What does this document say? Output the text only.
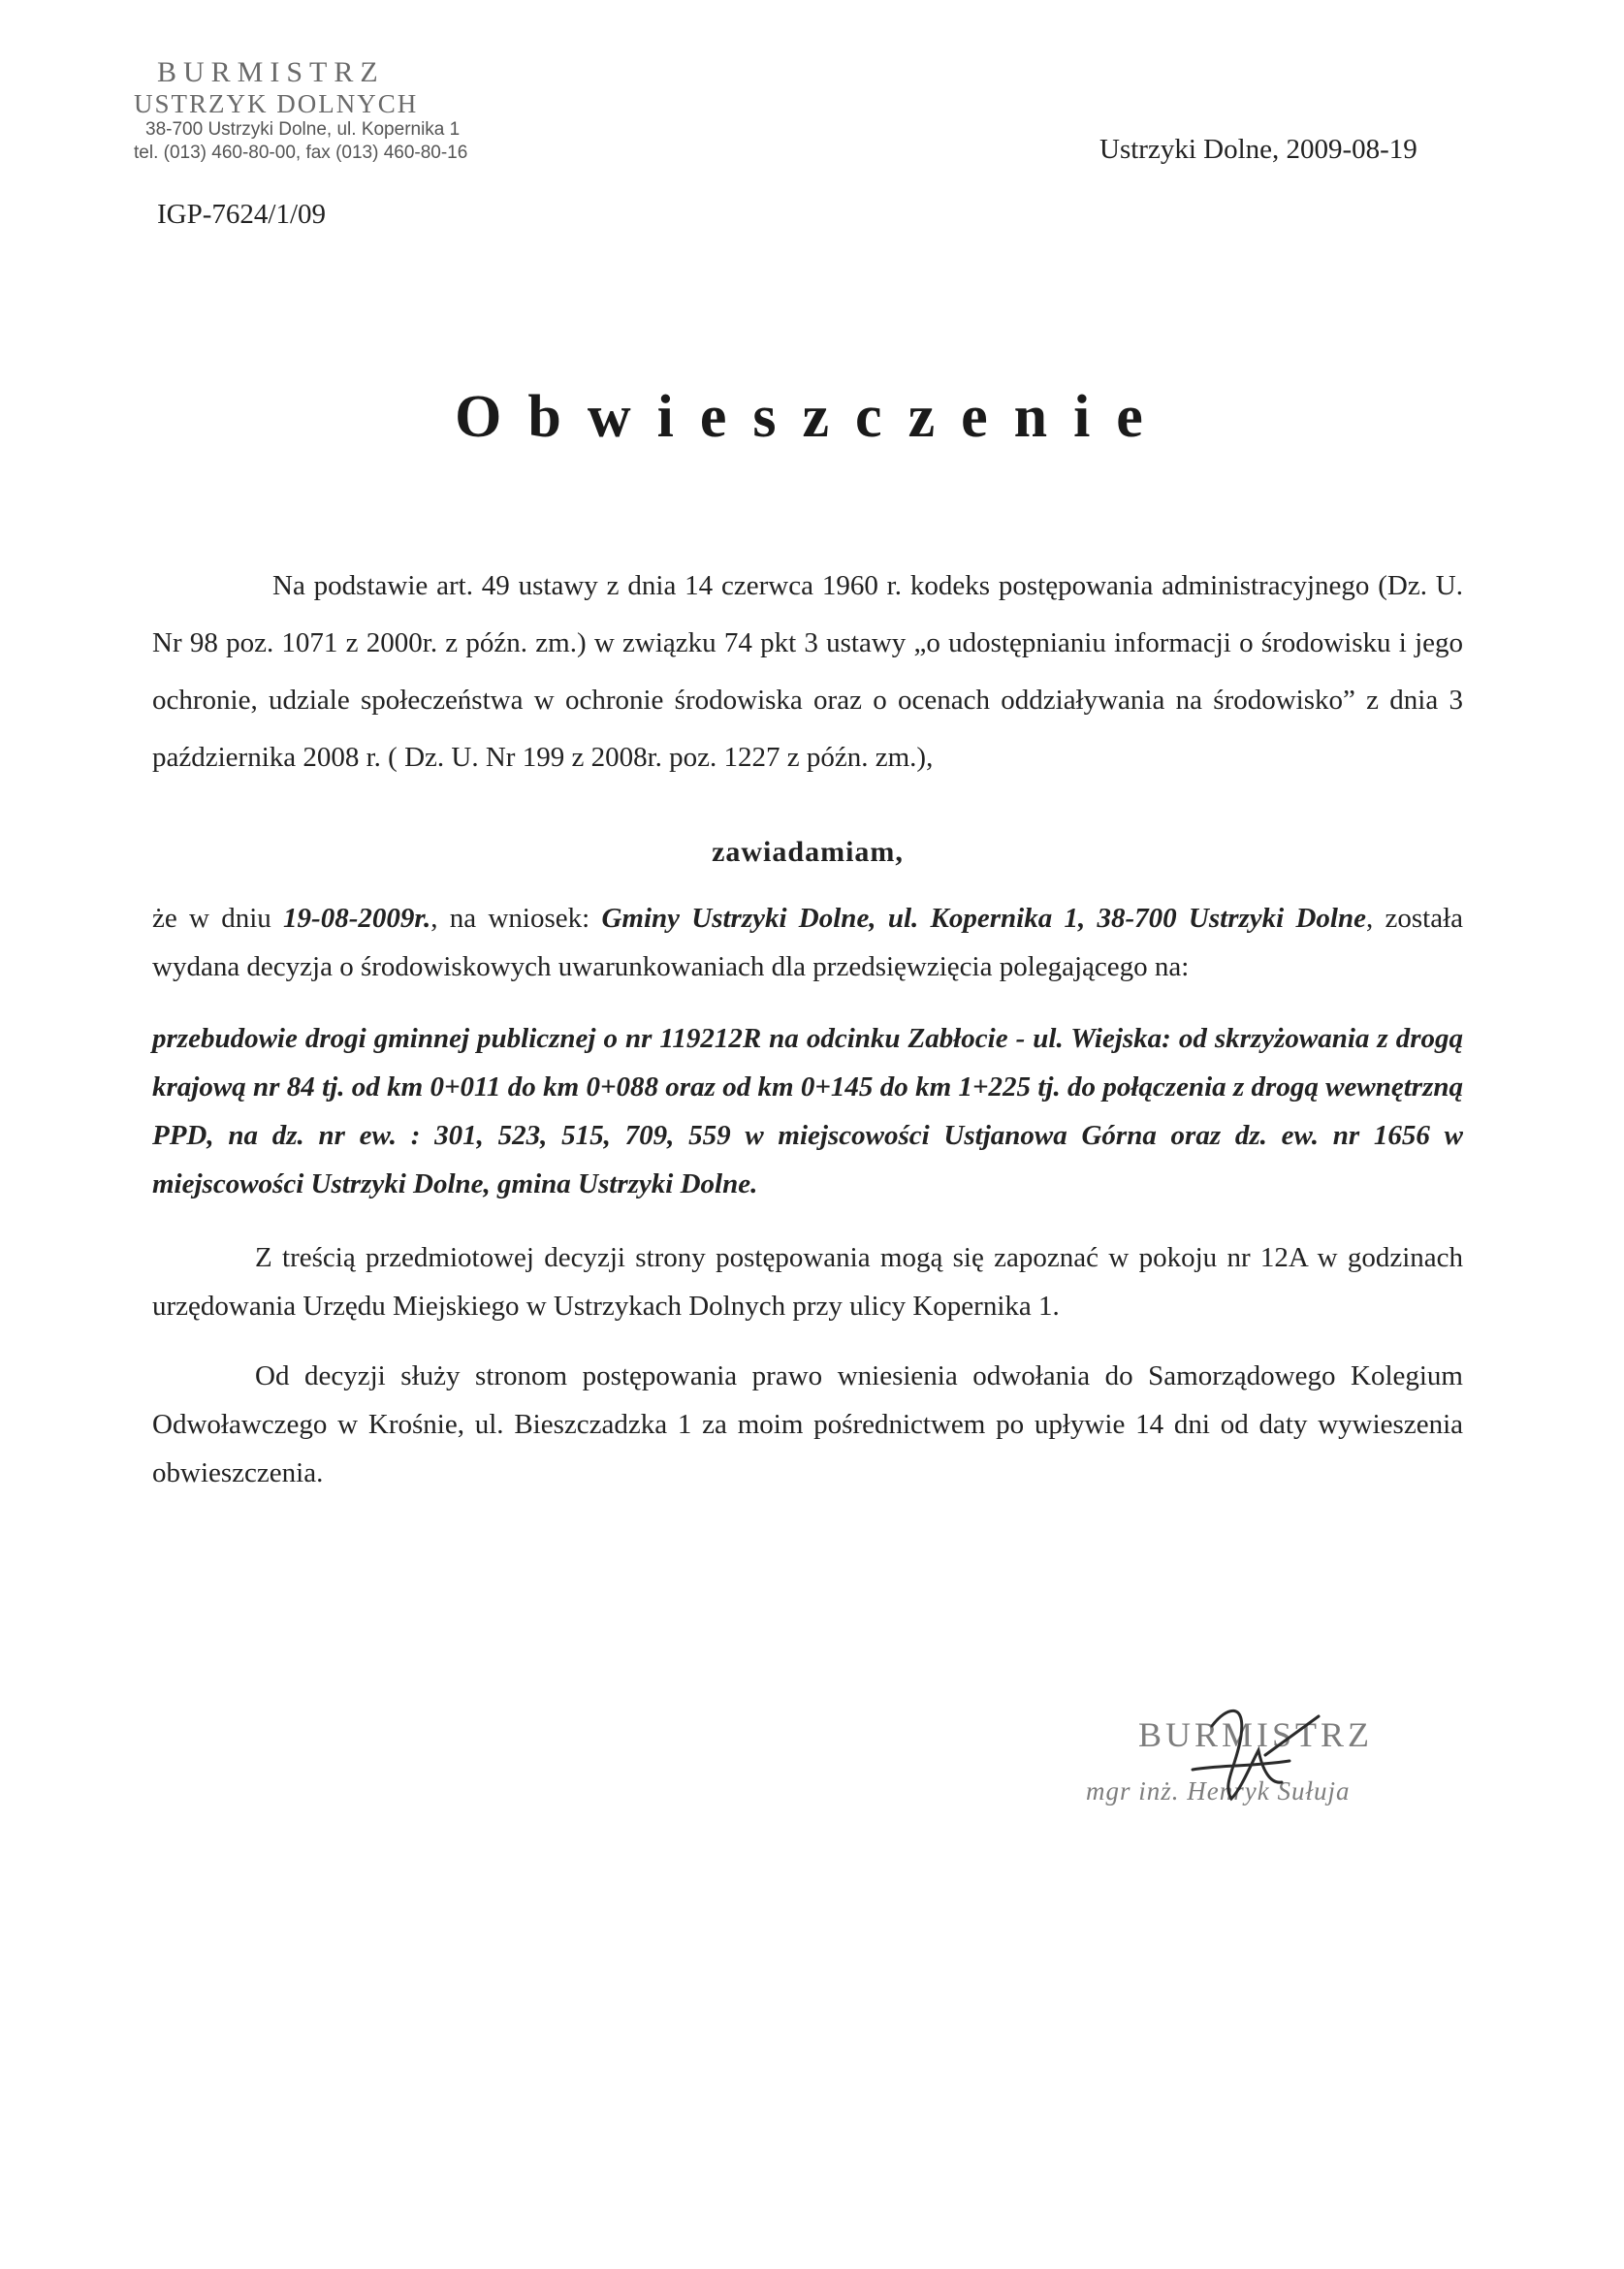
BURMISTRZ
USTRZYK DOLNYCH
38-700 Ustrzyki Dolne, ul. Kopernika 1
tel. (013) 460-80-00, fax (013) 460-80-16	Ustrzyki Dolne, 2009-08-19
IGP-7624/1/09
Obwieszczenie

Na podstawie art. 49 ustawy z dnia 14 czerwca 1960 r. kodeks postępowania administracyjnego (Dz. U. Nr 98 poz. 1071 z 2000r. z późn. zm.) w związku 74 pkt 3 ustawy „o udostępnianiu informacji o środowisku i jego ochronie, udziale społeczeństwa w ochronie środowiska oraz o ocenach oddziaływania na środowisko” z dnia 3 października 2008 r. ( Dz. U. Nr 199 z 2008r. poz. 1227 z późn. zm.),

zawiadamiam,

że w dniu 19-08-2009r., na wniosek: Gminy Ustrzyki Dolne, ul. Kopernika 1, 38-700 Ustrzyki Dolne, została wydana decyzja o środowiskowych uwarunkowaniach dla przedsięwzięcia polegającego na:

przebudowie drogi gminnej publicznej o nr 119212R na odcinku Zabłocie - ul. Wiejska: od skrzyżowania z drogą krajową nr 84 tj. od km 0+011 do km 0+088 oraz od km 0+145 do km 1+225 tj. do połączenia z drogą wewnętrzną PPD, na dz. nr ew. : 301, 523, 515, 709, 559 w miejscowości Ustjanowa Górna oraz dz. ew. nr 1656 w miejscowości Ustrzyki Dolne, gmina Ustrzyki Dolne.

Z treścią przedmiotowej decyzji strony postępowania mogą się zapoznać w pokoju nr 12A w godzinach urzędowania Urzędu Miejskiego w Ustrzykach Dolnych przy ulicy Kopernika 1.

Od decyzji służy stronom postępowania prawo wniesienia odwołania do Samorządowego Kolegium Odwoławczego w Krośnie, ul. Bieszczadzka 1 za moim pośrednictwem po upływie 14 dni od daty wywieszenia obwieszczenia.

BURMISTRZ
mgr inż. Henryk Sułuja
